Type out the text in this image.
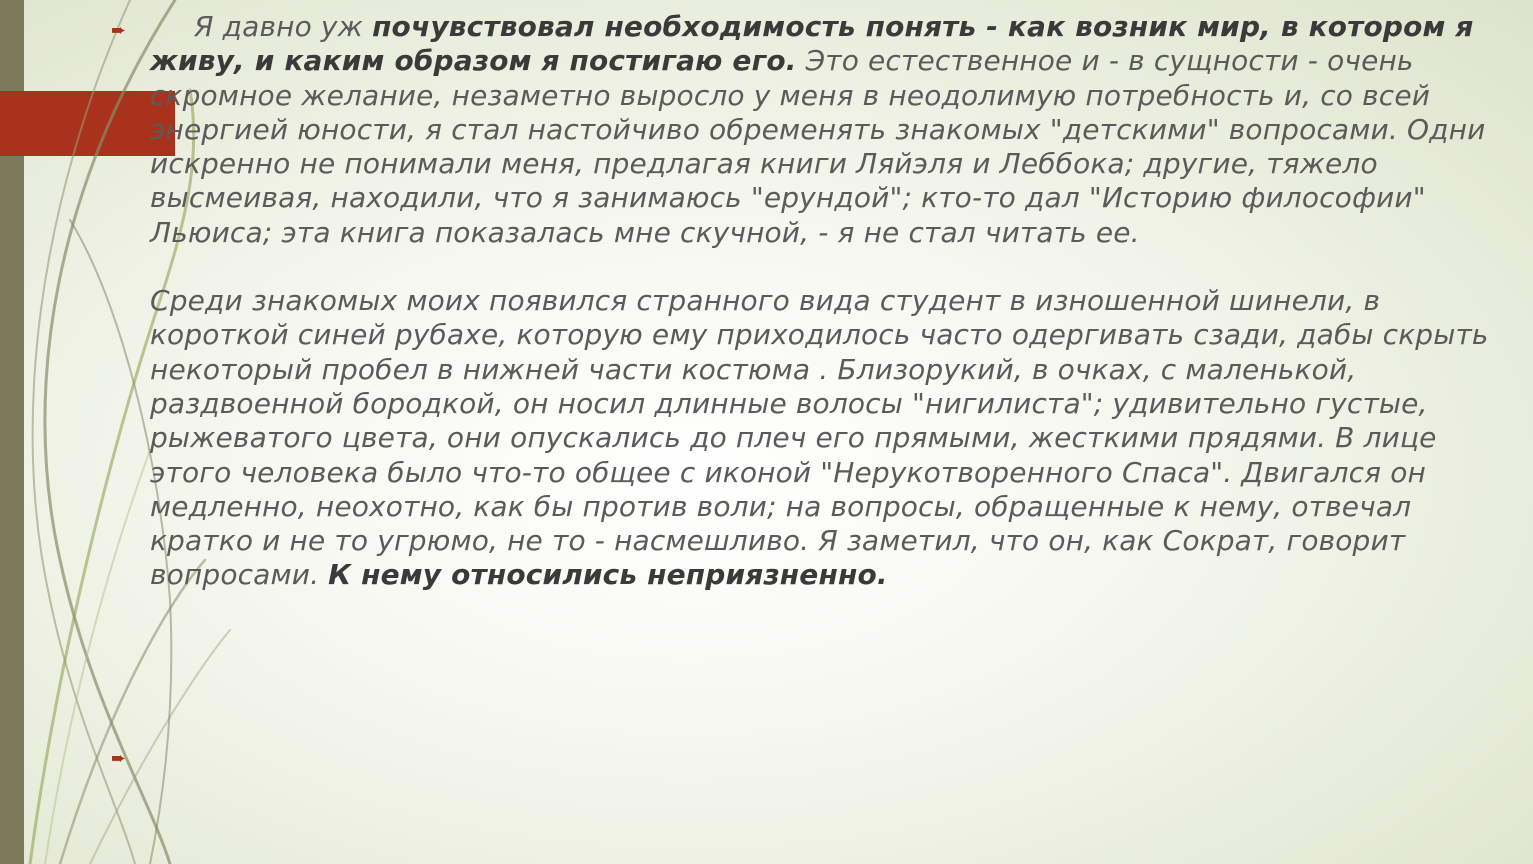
➨
➨

Я давно уж почувствовал необходимость понять - как возник мир, в котором я живу, и каким образом я постигаю его. Это естественное и - в сущности - очень скромное желание, незаметно выросло у меня в неодолимую потребность и, со всей энергией юности, я стал настойчиво обременять знакомых "детскими" вопросами. Одни искренно не понимали меня, предлагая книги Ляйэля и Леббока; другие, тяжело высмеивая, находили, что я занимаюсь "ерундой"; кто-то дал "Историю философии" Льюиса; эта книга показалась мне скучной, - я не стал читать ее.

Среди знакомых моих появился странного вида студент в изношенной шинели, в короткой синей рубахе, которую ему приходилось часто одергивать сзади, дабы скрыть некоторый пробел в нижней части костюма . Близорукий, в очках, с маленькой, раздвоенной бородкой, он носил длинные волосы "нигилиста"; удивительно густые, рыжеватого цвета, они опускались до плеч его прямыми, жесткими прядями. В лице этого человека было что-то общее с иконой "Нерукотворенного Спаса". Двигался он медленно, неохотно, как бы против воли; на вопросы, обращенные к нему, отвечал кратко и не то угрюмо, не то - насмешливо. Я заметил, что он, как Сократ, говорит вопросами. К нему относились неприязненно.
